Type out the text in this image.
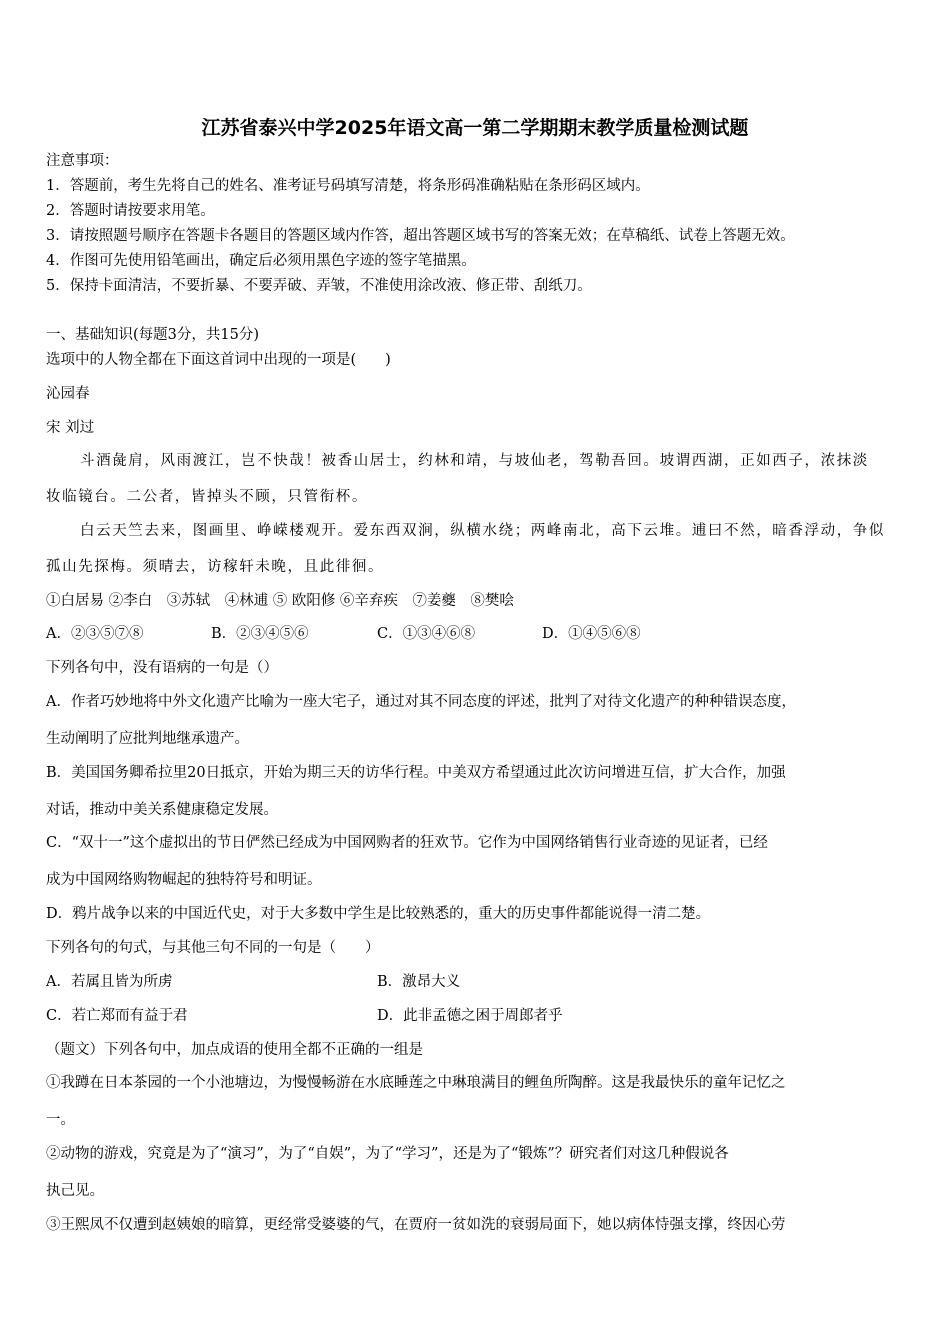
江苏省泰兴中学2025年语文高一第二学期期末教学质量检测试题
注意事项：
1．答题前，考生先将自己的姓名、准考证号码填写清楚，将条形码准确粘贴在条形码区域内。
2．答题时请按要求用笔。
3．请按照题号顺序在答题卡各题目的答题区域内作答，超出答题区域书写的答案无效；在草稿纸、试卷上答题无效。
4．作图可先使用铅笔画出，确定后必须用黑色字迹的签字笔描黑。
5．保持卡面清洁，不要折暴、不要弄破、弄皱，不准使用涂改液、修正带、刮纸刀。
一、基础知识(每题3分，共15分)
选项中的人物全都在下面这首词中出现的一项是(　　)
沁园春
宋 刘过
斗酒彘肩，风雨渡江，岂不快哉！被香山居士，约林和靖，与坡仙老，驾勒吾回。坡谓西湖，正如西子，浓抹淡
妆临镜台。二公者，皆掉头不顾，只管衔杯。
白云天竺去来，图画里、峥嵘楼观开。爱东西双涧，纵横水绕；两峰南北，高下云堆。逋曰不然，暗香浮动，争似
孤山先探梅。须晴去，访稼轩未晚，且此徘徊。
①白居易 ②李白　③苏轼　④林逋 ⑤ 欧阳修 ⑥辛弃疾　⑦姜夔　⑧樊哙
A．②③⑤⑦⑧	B．②③④⑤⑥	C．①③④⑥⑧	D．①④⑤⑥⑧
下列各句中，没有语病的一句是（）
A．作者巧妙地将中外文化遗产比喻为一座大宅子，通过对其不同态度的评述，批判了对待文化遗产的种种错误态度，
生动阐明了应批判地继承遗产。
B．美国国务卿希拉里20日抵京，开始为期三天的访华行程。中美双方希望通过此次访问增进互信，扩大合作，加强
对话，推动中美关系健康稳定发展。
C．“双十一”这个虚拟出的节日俨然已经成为中国网购者的狂欢节。它作为中国网络销售行业奇迹的见证者，已经
成为中国网络购物崛起的独特符号和明证。
D．鸦片战争以来的中国近代史，对于大多数中学生是比较熟悉的，重大的历史事件都能说得一清二楚。
下列各句的句式，与其他三句不同的一句是（　　）
A．若属且皆为所虏	B．激昂大义
C．若亡郑而有益于君	D．此非孟德之困于周郎者乎
（题文）下列各句中，加点成语的使用全都不正确的一组是
①我蹲在日本茶园的一个小池塘边，为慢慢畅游在水底睡莲之中琳琅满目的鲤鱼所陶醉。这是我最快乐的童年记忆之
一。
②动物的游戏，究竟是为了“演习”，为了“自娱”，为了“学习”，还是为了“锻炼”？研究者们对这几种假说各
执己见。
③王熙凤不仅遭到赵姨娘的暗算，更经常受婆婆的气，在贾府一贫如洗的衰弱局面下，她以病体恃强支撑，终因心劳
